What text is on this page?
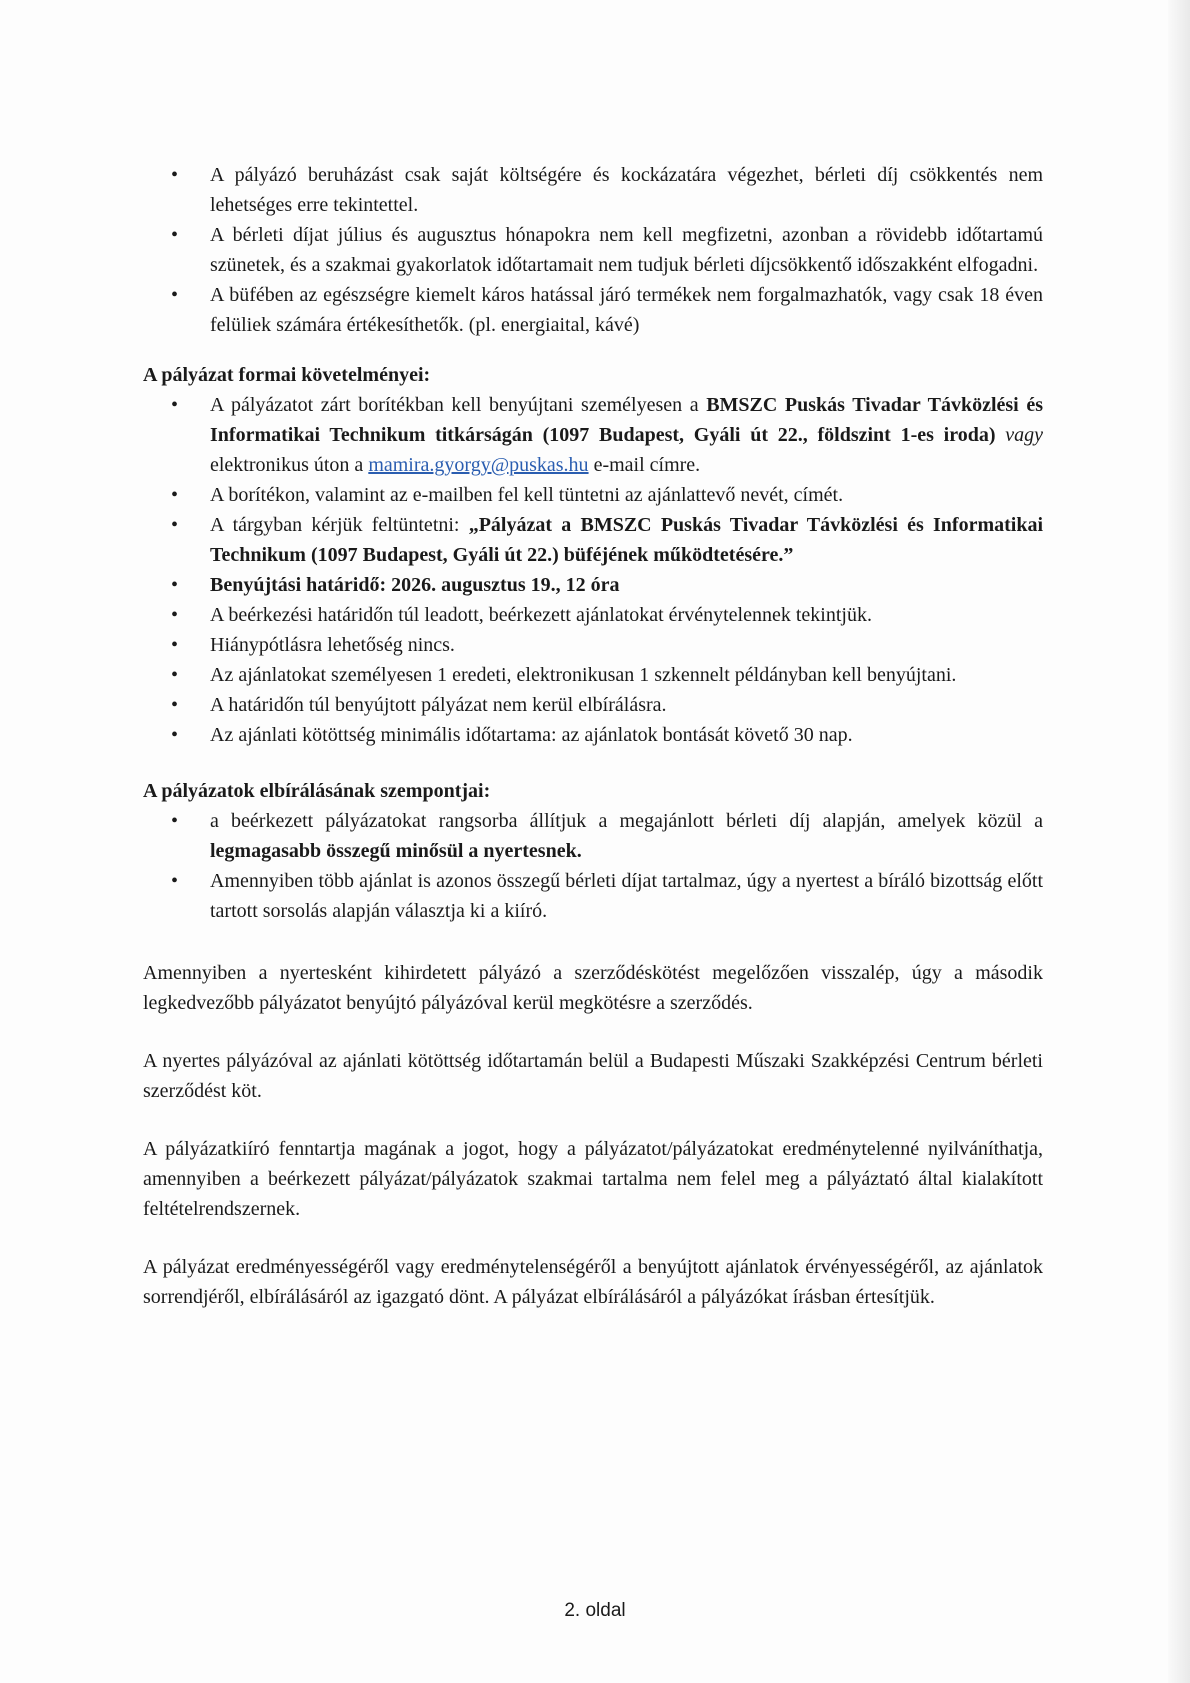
• A pályázó beruházást csak saját költségére és kockázatára végezhet, bérleti díj csökkentés nem lehetséges erre tekintettel.
• A bérleti díjat július és augusztus hónapokra nem kell megfizetni, azonban a rövidebb időtartamú szünetek, és a szakmai gyakorlatok időtartamait nem tudjuk bérleti díjcsökkentő időszakként elfogadni.
• A büfében az egészségre kiemelt káros hatással járó termékek nem forgalmazhatók, vagy csak 18 éven felüliek számára értékesíthetők. (pl. energiaital, kávé)
A pályázat formai követelményei:
• A pályázatot zárt borítékban kell benyújtani személyesen a BMSZC Puskás Tivadar Távközlési és Informatikai Technikum titkárságán (1097 Budapest, Gyáli út 22., földszint 1-es iroda) vagy elektronikus úton a mamira.gyorgy@puskas.hu e-mail címre.
• A borítékon, valamint az e-mailben fel kell tüntetni az ajánlattevő nevét, címét.
• A tárgyban kérjük feltüntetni: „Pályázat a BMSZC Puskás Tivadar Távközlési és Informatikai Technikum (1097 Budapest, Gyáli út 22.) büféjének működtetésére.”
• Benyújtási határidő: 2026. augusztus 19., 12 óra
• A beérkezési határidőn túl leadott, beérkezett ajánlatokat érvénytelennek tekintjük.
• Hiánypótlásra lehetőség nincs.
• Az ajánlatokat személyesen 1 eredeti, elektronikusan 1 szkennelt példányban kell benyújtani.
• A határidőn túl benyújtott pályázat nem kerül elbírálásra.
• Az ajánlati kötöttség minimális időtartama: az ajánlatok bontását követő 30 nap.
A pályázatok elbírálásának szempontjai:
• a beérkezett pályázatokat rangsorba állítjuk a megajánlott bérleti díj alapján, amelyek közül a legmagasabb összegű minősül a nyertesnek.
• Amennyiben több ajánlat is azonos összegű bérleti díjat tartalmaz, úgy a nyertest a bíráló bizottság előtt tartott sorsolás alapján választja ki a kiíró.

Amennyiben a nyertesként kihirdetett pályázó a szerződéskötést megelőzően visszalép, úgy a második legkedvezőbb pályázatot benyújtó pályázóval kerül megkötésre a szerződés.

A nyertes pályázóval az ajánlati kötöttség időtartamán belül a Budapesti Műszaki Szakképzési Centrum bérleti szerződést köt.

A pályázatkiíró fenntartja magának a jogot, hogy a pályázatot/pályázatokat eredménytelenné nyilváníthatja, amennyiben a beérkezett pályázat/pályázatok szakmai tartalma nem felel meg a pályáztató által kialakított feltételrendszernek.

A pályázat eredményességéről vagy eredménytelenségéről a benyújtott ajánlatok érvényességéről, az ajánlatok sorrendjéről, elbírálásáról az igazgató dönt. A pályázat elbírálásáról a pályázókat írásban értesítjük.

2. oldal
